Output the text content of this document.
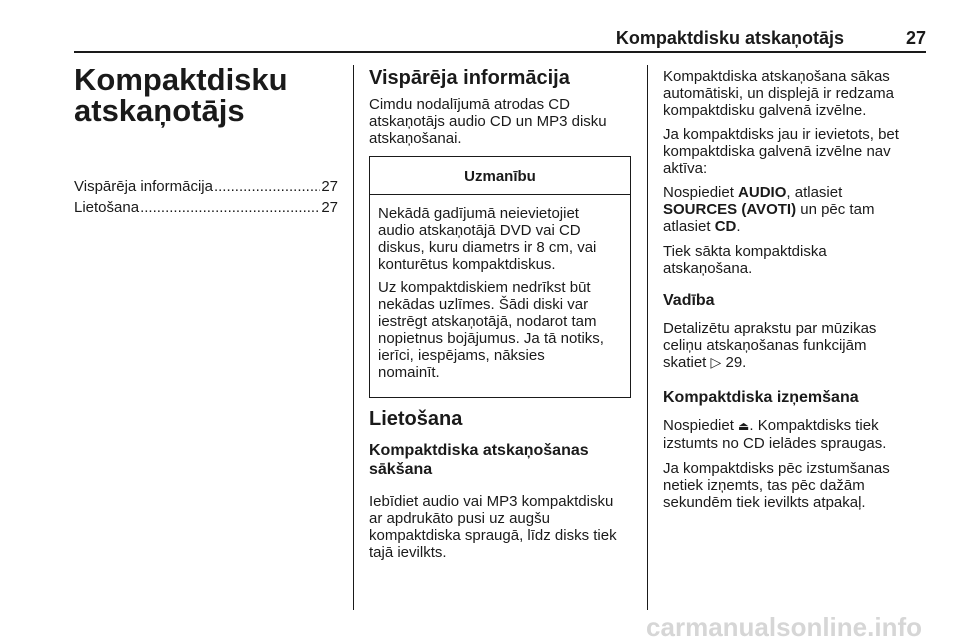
Kompaktdisku atskaņotājs	27
Kompaktdisku
atskaņotājs
Vispārēja informācija .....	27
Lietošana .....	27
Vispārēja informācija
Cimdu nodalījumā atrodas CD
atskaņotājs audio CD un MP3 disku
atskaņošanai.
Uzmanību
Nekādā gadījumā neievietojiet
audio atskaņotājā DVD vai CD
diskus, kuru diametrs ir 8 cm, vai
konturētus kompaktdiskus.
Uz kompaktdiskiem nedrīkst būt
nekādas uzlīmes. Šādi diski var
iestrēgt atskaņotājā, nodarot tam
nopietnus bojājumus. Ja tā notiks,
ierīci, iespējams, nāksies
nomainīt.
Lietošana
Kompaktdiska atskaņošanas
sākšana
Iebīdiet audio vai MP3 kompaktdisku
ar apdrukāto pusi uz augšu
kompaktdiska spraugā, līdz disks tiek
tajā ievilkts.
Kompaktdiska atskaņošana sākas
automātiski, un displejā ir redzama
kompaktdisku galvenā izvēlne.
Ja kompaktdisks jau ir ievietots, bet
kompaktdiska galvenā izvēlne nav
aktīva:
Nospiediet AUDIO, atlasiet
SOURCES (AVOTI) un pēc tam
atlasiet CD.
Tiek sākta kompaktdiska
atskaņošana.
Vadība
Detalizētu aprakstu par mūzikas
celiņu atskaņošanas funkcijām
skatiet ▷ 29.
Kompaktdiska izņemšana
Nospiediet ⏏. Kompaktdisks tiek
izstumts no CD ielādes spraugas.
Ja kompaktdisks pēc izstumšanas
netiek izņemts, tas pēc dažām
sekundēm tiek ievilkts atpakaļ.
carmanualsonline.info
